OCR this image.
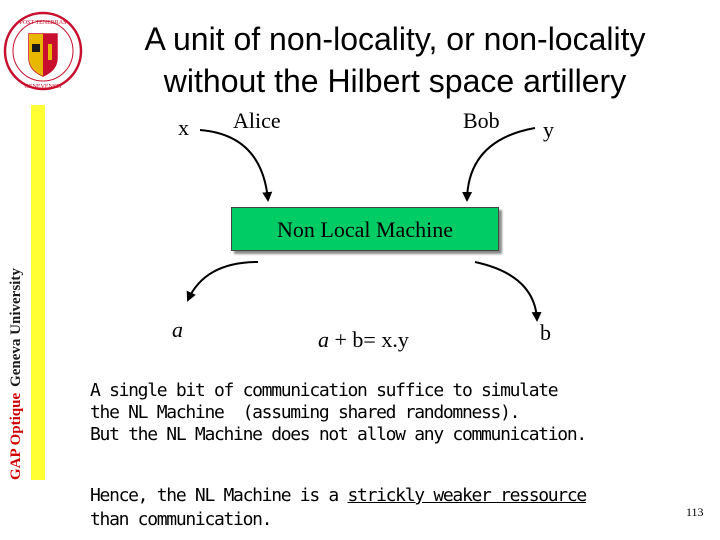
POST TENEBRAS
GENEVENSIS
A unit of non-locality, or non-locality
without the Hilbert space artillery
GAP OptiqueGeneva University
x Alice	Bob y
Non Local Machine
a	a + b= x.y	b
A single bit of communication suffice to simulate
the NL Machine  (assuming shared randomness).
But the NL Machine does not allow any communication.
Hence, the NL Machine is a strickly weaker ressource
than communication.	113
